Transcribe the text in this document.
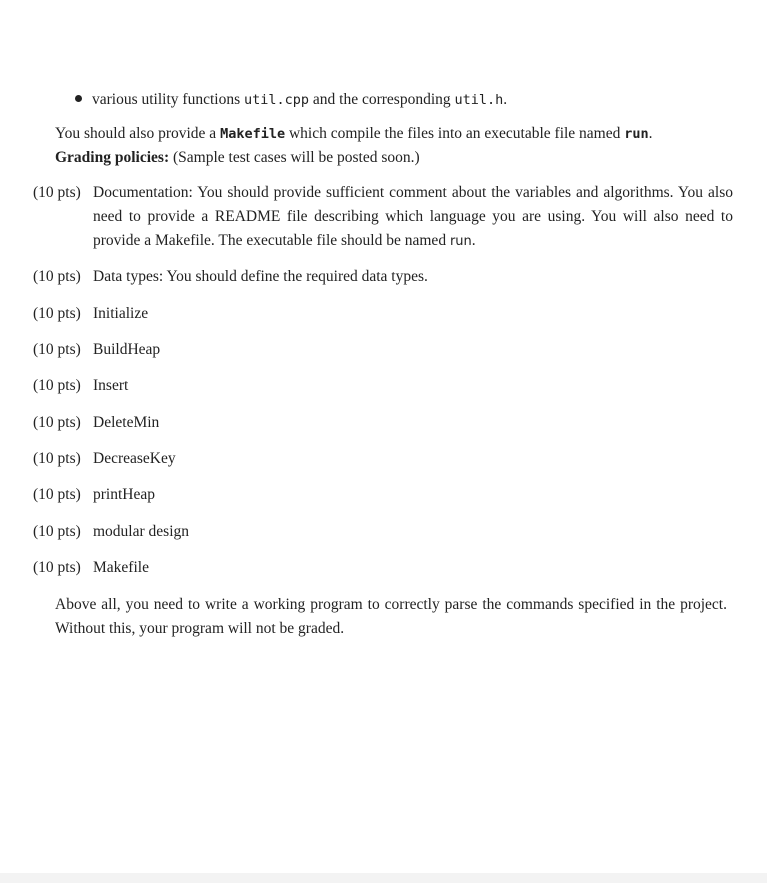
various utility functions util.cpp and the corresponding util.h.
You should also provide a Makefile which compile the files into an executable file named run.
Grading policies: (Sample test cases will be posted soon.)
(10 pts) Documentation: You should provide sufficient comment about the variables and algorithms. You also need to provide a README file describing which language you are using. You will also need to provide a Makefile. The executable file should be named run.
(10 pts) Data types: You should define the required data types.
(10 pts) Initialize
(10 pts) BuildHeap
(10 pts) Insert
(10 pts) DeleteMin
(10 pts) DecreaseKey
(10 pts) printHeap
(10 pts) modular design
(10 pts) Makefile
Above all, you need to write a working program to correctly parse the commands specified in the project. Without this, your program will not be graded.
